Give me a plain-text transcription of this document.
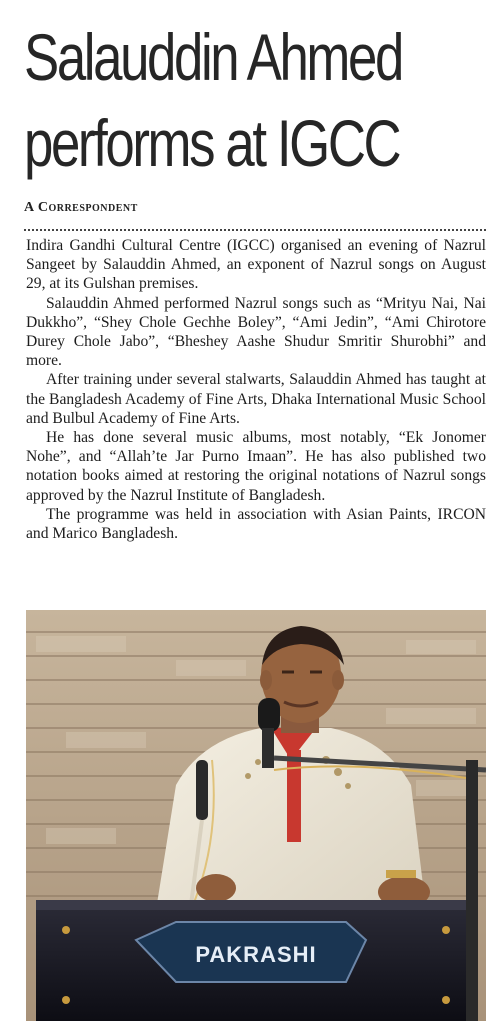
Salauddin Ahmed
performs at IGCC
A Correspondent

Indira Gandhi Cultural Centre (IGCC) organised an evening of Nazrul Sangeet by Salauddin Ahmed, an exponent of Nazrul songs on August 29, at its Gulshan premises.

Salauddin Ahmed performed Nazrul songs such as “Mrityu Nai, Nai Dukkho”, “Shey Chole Gechhe Boley”, “Ami Jedin”, “Ami Chirotore Durey Chole Jabo”, “Bheshey Aashe Shudur Smritir Shurobhi” and more.

After training under several stalwarts, Salauddin Ahmed has taught at the Bangladesh Academy of Fine Arts, Dhaka International Music School and Bulbul Academy of Fine Arts.

He has done several music albums, most notably, “Ek Jonomer Nohe”, and “Allah’te Jar Purno Imaan”. He has also published two notation books aimed at restoring the original notations of Nazrul songs approved by the Nazrul Institute of Bangladesh.

The programme was held in association with Asian Paints, IRCON and Marico Bangladesh.

PAKRASHI
